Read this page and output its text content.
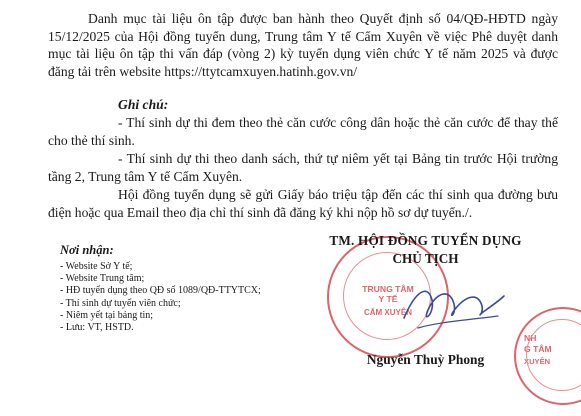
Danh mục tài liệu ôn tập được ban hành theo Quyết định số 04/QĐ-HĐTD ngày 15/12/2025 của Hội đồng tuyển dung, Trung tâm Y tế Cẩm Xuyên về việc Phê duyệt danh mục tài liệu ôn tập thi vấn đáp (vòng 2) kỳ tuyển dụng viên chức Y tế năm 2025 và được đăng tải trên website https://ttytcamxuyen.hatinh.gov.vn/

Ghi chú:

- Thí sinh dự thi đem theo thẻ căn cước công dân hoặc thẻ căn cước để thay thế cho thẻ thí sinh.

- Thí sinh dự thi theo danh sách, thứ tự niêm yết tại Bảng tin trước Hội trường tầng 2, Trung tâm Y tế Cẩm Xuyên.

Hội đồng tuyển dụng sẽ gửi Giấy báo triệu tập đến các thí sinh qua đường bưu điện hoặc qua Email theo địa chỉ thí sinh đã đăng ký khi nộp hồ sơ dự tuyển./.

Nơi nhận:
- Website Sở Y tế;
- Website Trung tâm;
- HĐ tuyển dụng theo QĐ số 1089/QĐ-TTYTCX;
- Thí sinh dự tuyển viên chức;
- Niêm yết tại bảng tin;
- Lưu: VT, HSTD.
TRUNG TÂM
Y TẾ
CẨM XUYÊN
NH
G TÂM
XUYÊN
TM. HỘI ĐỒNG TUYỂN DỤNG
CHỦ TỊCH
Nguyễn Thuỳ Phong
